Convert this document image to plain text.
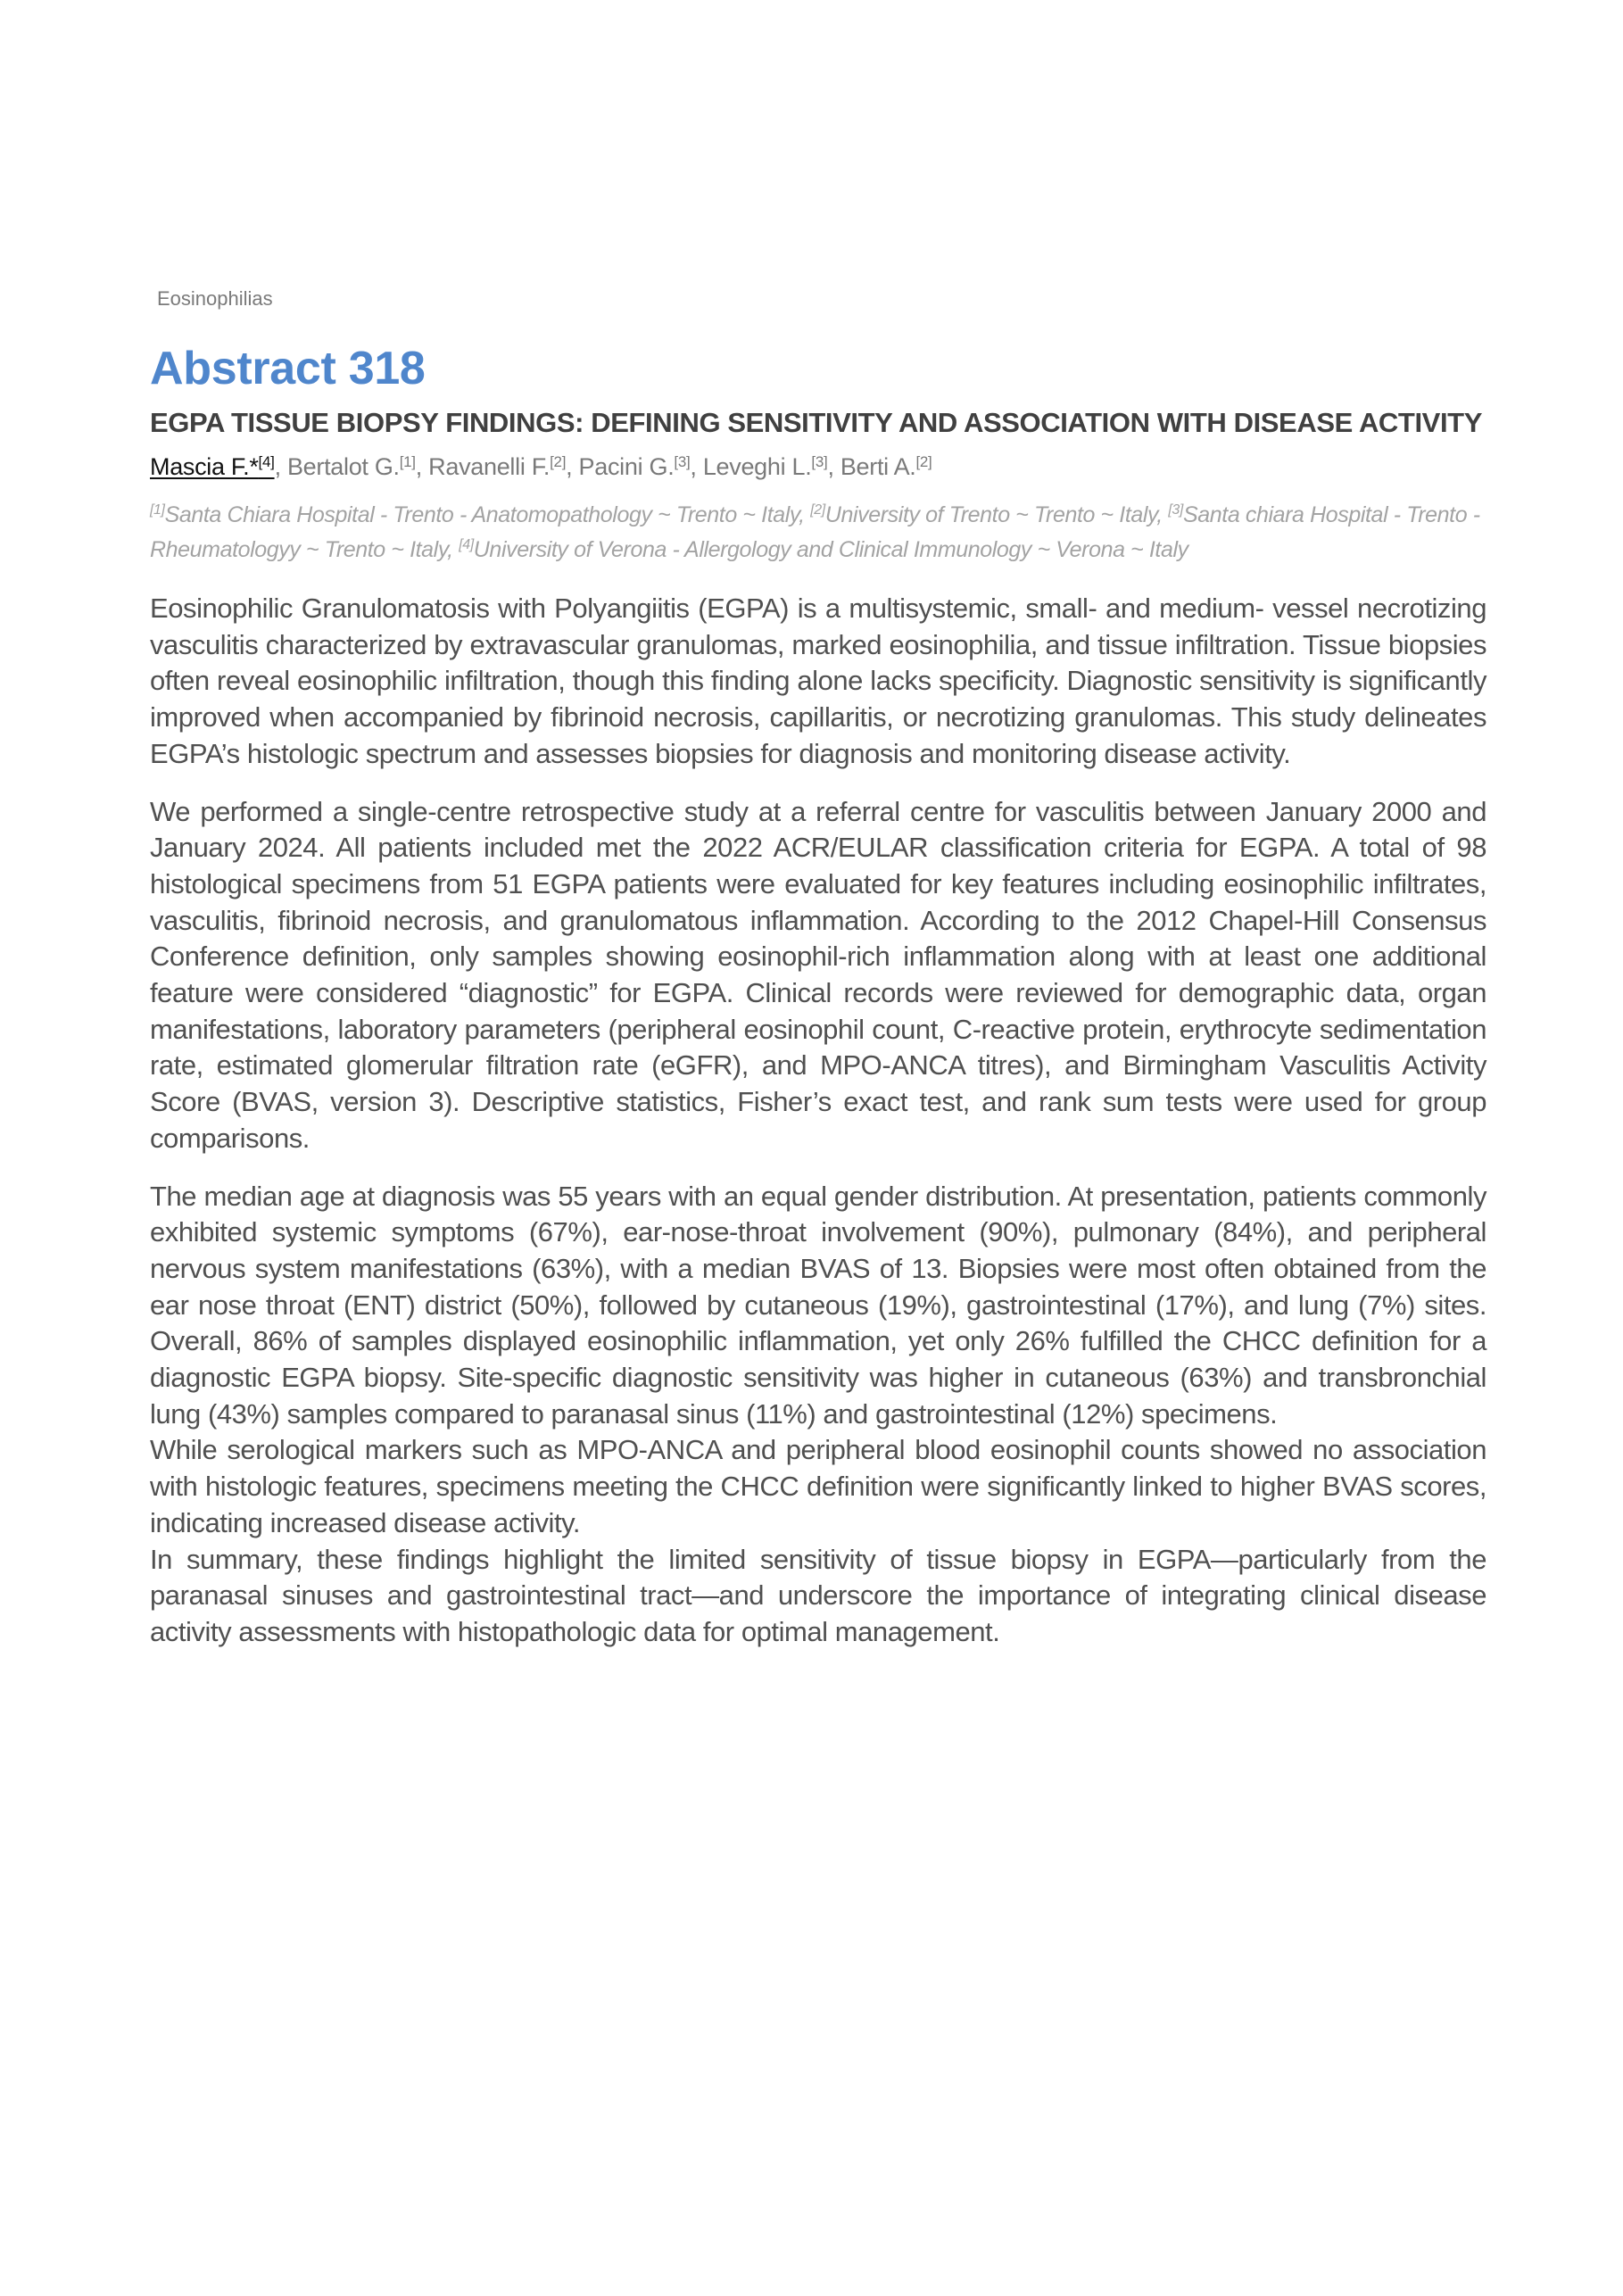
Eosinophilias
Abstract 318
EGPA TISSUE BIOPSY FINDINGS: DEFINING SENSITIVITY AND ASSOCIATION WITH DISEASE ACTIVITY
Mascia F.*[4], Bertalot G.[1], Ravanelli F.[2], Pacini G.[3], Leveghi L.[3], Berti A.[2]
[1]Santa Chiara Hospital - Trento - Anatomopathology ~ Trento ~ Italy, [2]University of Trento ~ Trento ~ Italy, [3]Santa chiara Hospital - Trento - Rheumatologyy ~ Trento ~ Italy, [4]University of Verona - Allergology and Clinical Immunology ~ Verona ~ Italy

Eosinophilic Granulomatosis with Polyangiitis (EGPA) is a multisystemic, small- and medium- vessel necrotizing vasculitis characterized by extravascular granulomas, marked eosinophilia, and tissue infiltration. Tissue biopsies often reveal eosinophilic infiltration, though this finding alone lacks specificity. Diagnostic sensitivity is significantly improved when accompanied by fibrinoid necrosis, capillaritis, or necrotizing granulomas. This study delineates EGPA’s histologic spectrum and assesses biopsies for diagnosis and monitoring disease activity.

We performed a single-centre retrospective study at a referral centre for vasculitis between January 2000 and January 2024. All patients included met the 2022 ACR/EULAR classification criteria for EGPA. A total of 98 histological specimens from 51 EGPA patients were evaluated for key features including eosinophilic infiltrates, vasculitis, fibrinoid necrosis, and granulomatous inflammation. According to the 2012 Chapel-Hill Consensus Conference definition, only samples showing eosinophil-rich inflammation along with at least one additional feature were considered “diagnostic” for EGPA. Clinical records were reviewed for demographic data, organ manifestations, laboratory parameters (peripheral eosinophil count, C-reactive protein, erythrocyte sedimentation rate, estimated glomerular filtration rate (eGFR), and MPO-ANCA titres), and Birmingham Vasculitis Activity Score (BVAS, version 3). Descriptive statistics, Fisher’s exact test, and rank sum tests were used for group comparisons.

The median age at diagnosis was 55 years with an equal gender distribution. At presentation, patients commonly exhibited systemic symptoms (67%), ear-nose-throat involvement (90%), pulmonary (84%), and peripheral nervous system manifestations (63%), with a median BVAS of 13. Biopsies were most often obtained from the ear nose throat (ENT) district (50%), followed by cutaneous (19%), gastrointestinal (17%), and lung (7%) sites. Overall, 86% of samples displayed eosinophilic inflammation, yet only 26% fulfilled the CHCC definition for a diagnostic EGPA biopsy. Site-specific diagnostic sensitivity was higher in cutaneous (63%) and transbronchial lung (43%) samples compared to paranasal sinus (11%) and gastrointestinal (12%) specimens.
While serological markers such as MPO-ANCA and peripheral blood eosinophil counts showed no association with histologic features, specimens meeting the CHCC definition were significantly linked to higher BVAS scores, indicating increased disease activity.
In summary, these findings highlight the limited sensitivity of tissue biopsy in EGPA—particularly from the paranasal sinuses and gastrointestinal tract—and underscore the importance of integrating clinical disease activity assessments with histopathologic data for optimal management.
